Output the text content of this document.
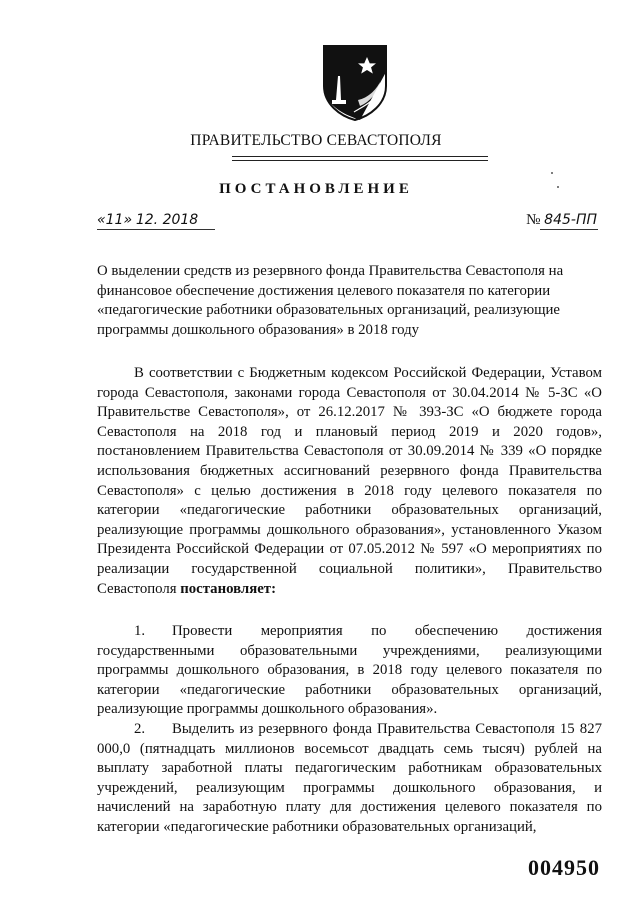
ПРАВИТЕЛЬСТВО СЕВАСТОПОЛЯ
ПОСТАНОВЛЕНИЕ
«11» 12. 2018	№ 845-ПП

О выделении средств из резервного фонда Правительства Севастополя на финансовое обеспечение достижения целевого показателя по категории «педагогические работники образовательных организаций, реализующие программы дошкольного образования» в 2018 году

В соответствии с Бюджетным кодексом Российской Федерации, Уставом города Севастополя, законами города Севастополя от 30.04.2014 № 5-ЗС «О Правительстве Севастополя», от 26.12.2017 № 393-ЗС «О бюджете города Севастополя на 2018 год и плановый период 2019 и 2020 годов», постановлением Правительства Севастополя от 30.09.2014 № 339 «О порядке использования бюджетных ассигнований резервного фонда Правительства Севастополя» с целью достижения в 2018 году целевого показателя по категории «педагогические работники образовательных организаций, реализующие программы дошкольного образования», установленного Указом Президента Российской Федерации от 07.05.2012 № 597 «О мероприятиях по реализации государственной социальной политики», Правительство Севастополя постановляет:

1. Провести мероприятия по обеспечению достижения государственными образовательными учреждениями, реализующими программы дошкольного образования, в 2018 году целевого показателя по категории «педагогические работники образовательных организаций, реализующие программы дошкольного образования».

2. Выделить из резервного фонда Правительства Севастополя 15 827 000,0 (пятнадцать миллионов восемьсот двадцать семь тысяч) рублей на выплату заработной платы педагогическим работникам образовательных учреждений, реализующим программы дошкольного образования, и начислений на заработную плату для достижения целевого показателя по категории «педагогические работники образовательных организаций,

004950
